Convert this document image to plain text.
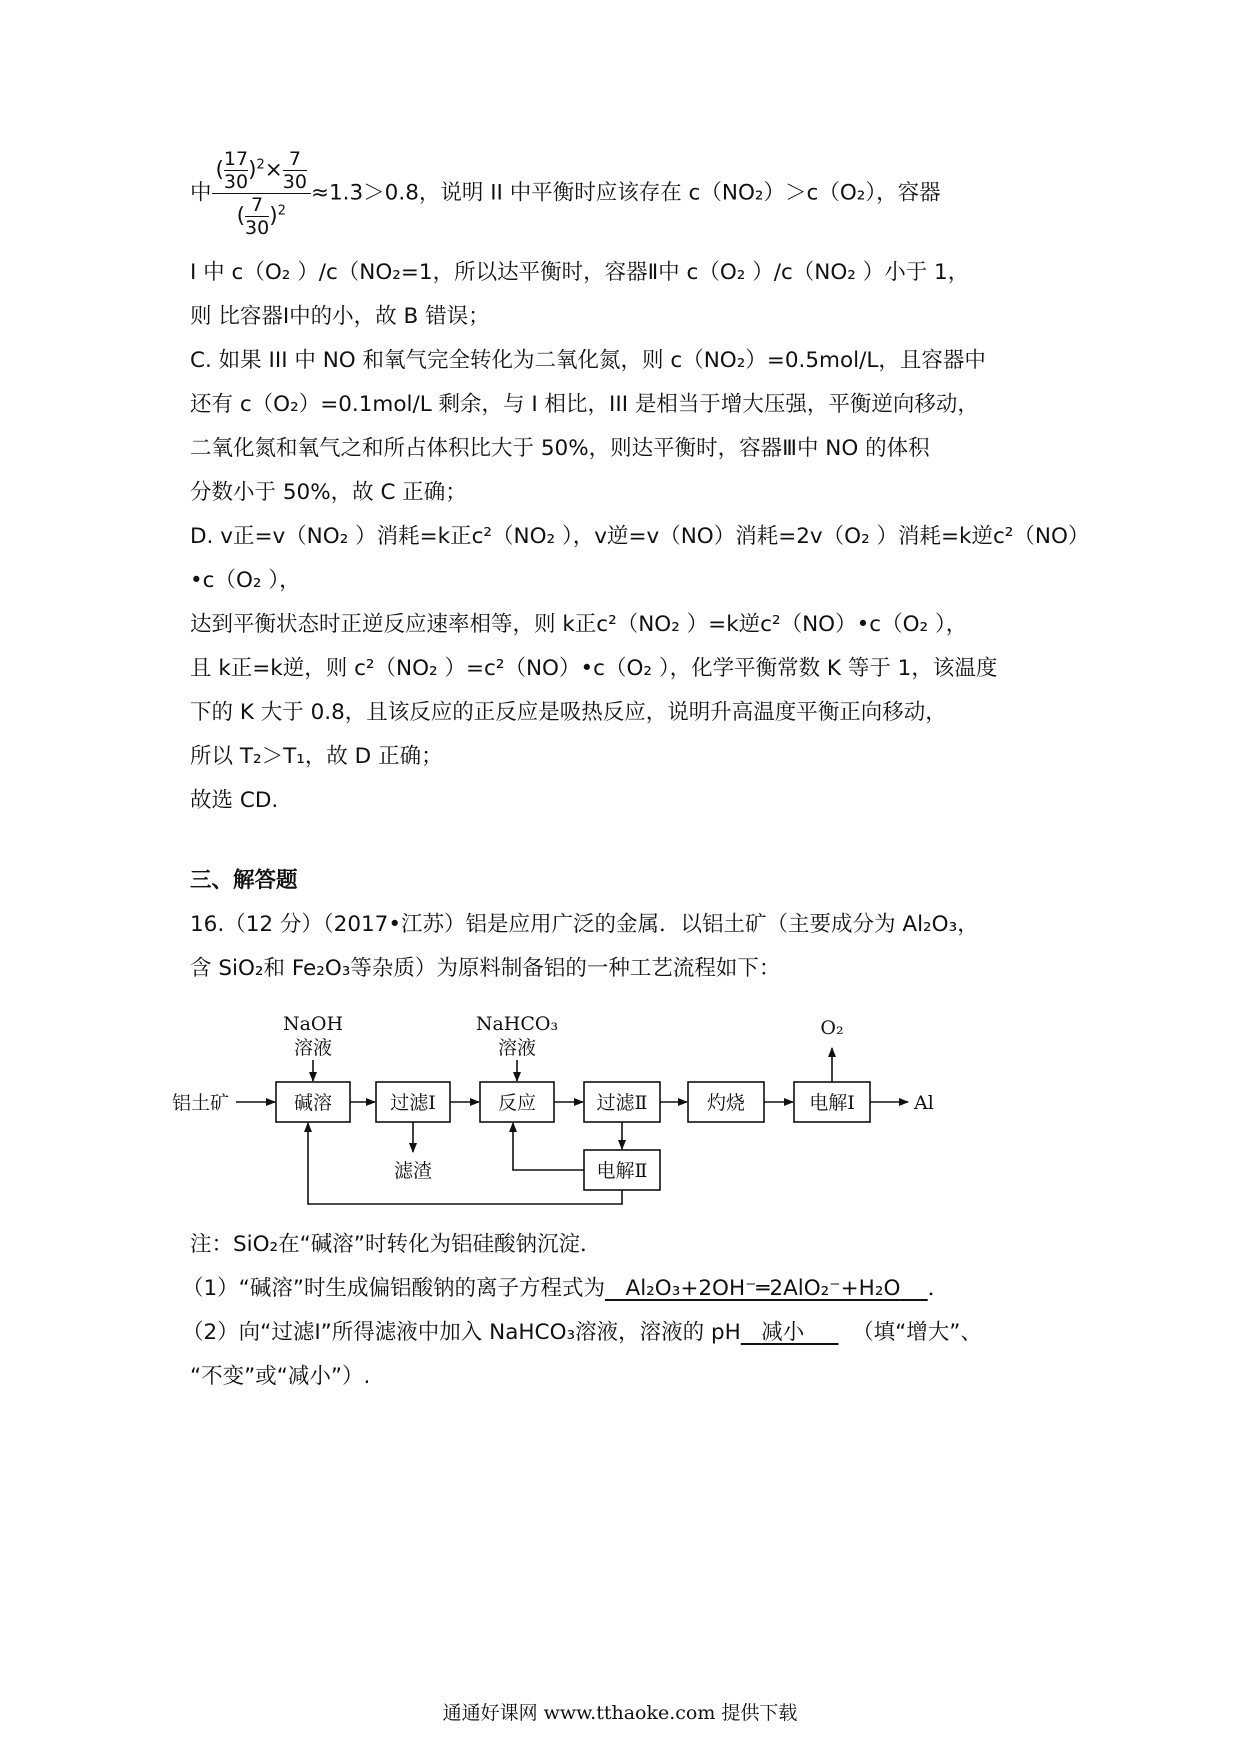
中 $\frac{( \frac{17}{30} )^2\times \frac{7}{30}}{( \frac{7}{30} )^2} \approx 1.3>0.8$，说明 II 中平衡时应该存在 c（NO₂）＞c（O₂），容器
I 中 c（O₂ ）/c（NO₂=1，所以达平衡时，容器Ⅱ中 c（O₂ ）/c（NO₂ ）小于 1，
则 比容器Ⅰ中的小，故 B 错误；
C. 如果 III 中 NO 和氧气完全转化为二氧化氮，则 c（NO₂）=0.5mol/L，且容器中
还有 c（O₂）=0.1mol/L 剩余，与 I 相比，III 是相当于增大压强，平衡逆向移动，
二氧化氮和氧气之和所占体积比大于 50%，则达平衡时，容器Ⅲ中 NO 的体积
分数小于 50%，故 C 正确；
D. v正=v（NO₂ ）消耗=k正c²（NO₂ ），v逆=v（NO）消耗=2v（O₂ ）消耗=k逆c²（NO）
•c（O₂ ），
达到平衡状态时正逆反应速率相等，则 k正c²（NO₂ ）=k逆c²（NO）•c（O₂ ），
且 k正=k逆，则 c²（NO₂ ）=c²（NO）•c（O₂ ），化学平衡常数 K 等于 1，该温度
下的 K 大于 0.8，且该反应的正反应是吸热反应，说明升高温度平衡正向移动，
所以 T₂＞T₁，故 D 正确；
故选 CD.
三、解答题
16.（12 分）（2017•江苏）铝是应用广泛的金属．以铝土矿（主要成分为 Al₂O₃，
含 SiO₂和 Fe₂O₃等杂质）为原料制备铝的一种工艺流程如下：
NaOH
溶液
NaHCO₃
溶液
O₂
铝土矿	碱溶	过滤Ⅰ	反应	过滤Ⅱ	灼烧	电解Ⅰ
电解Ⅱ
滤渣
Al
注：SiO₂在“碱溶”时转化为铝硅酸钠沉淀．
（1）“碱溶”时生成偏铝酸钠的离子方程式为 Al₂O₃+2OH⁻═2AlO₂⁻+H₂O ．
（2）向“过滤Ⅰ”所得滤液中加入 NaHCO₃溶液，溶液的 pH 减小 （填“增大”、
“不变”或“减小”）.
通通好课网 www.tthaoke.com 提供下载
